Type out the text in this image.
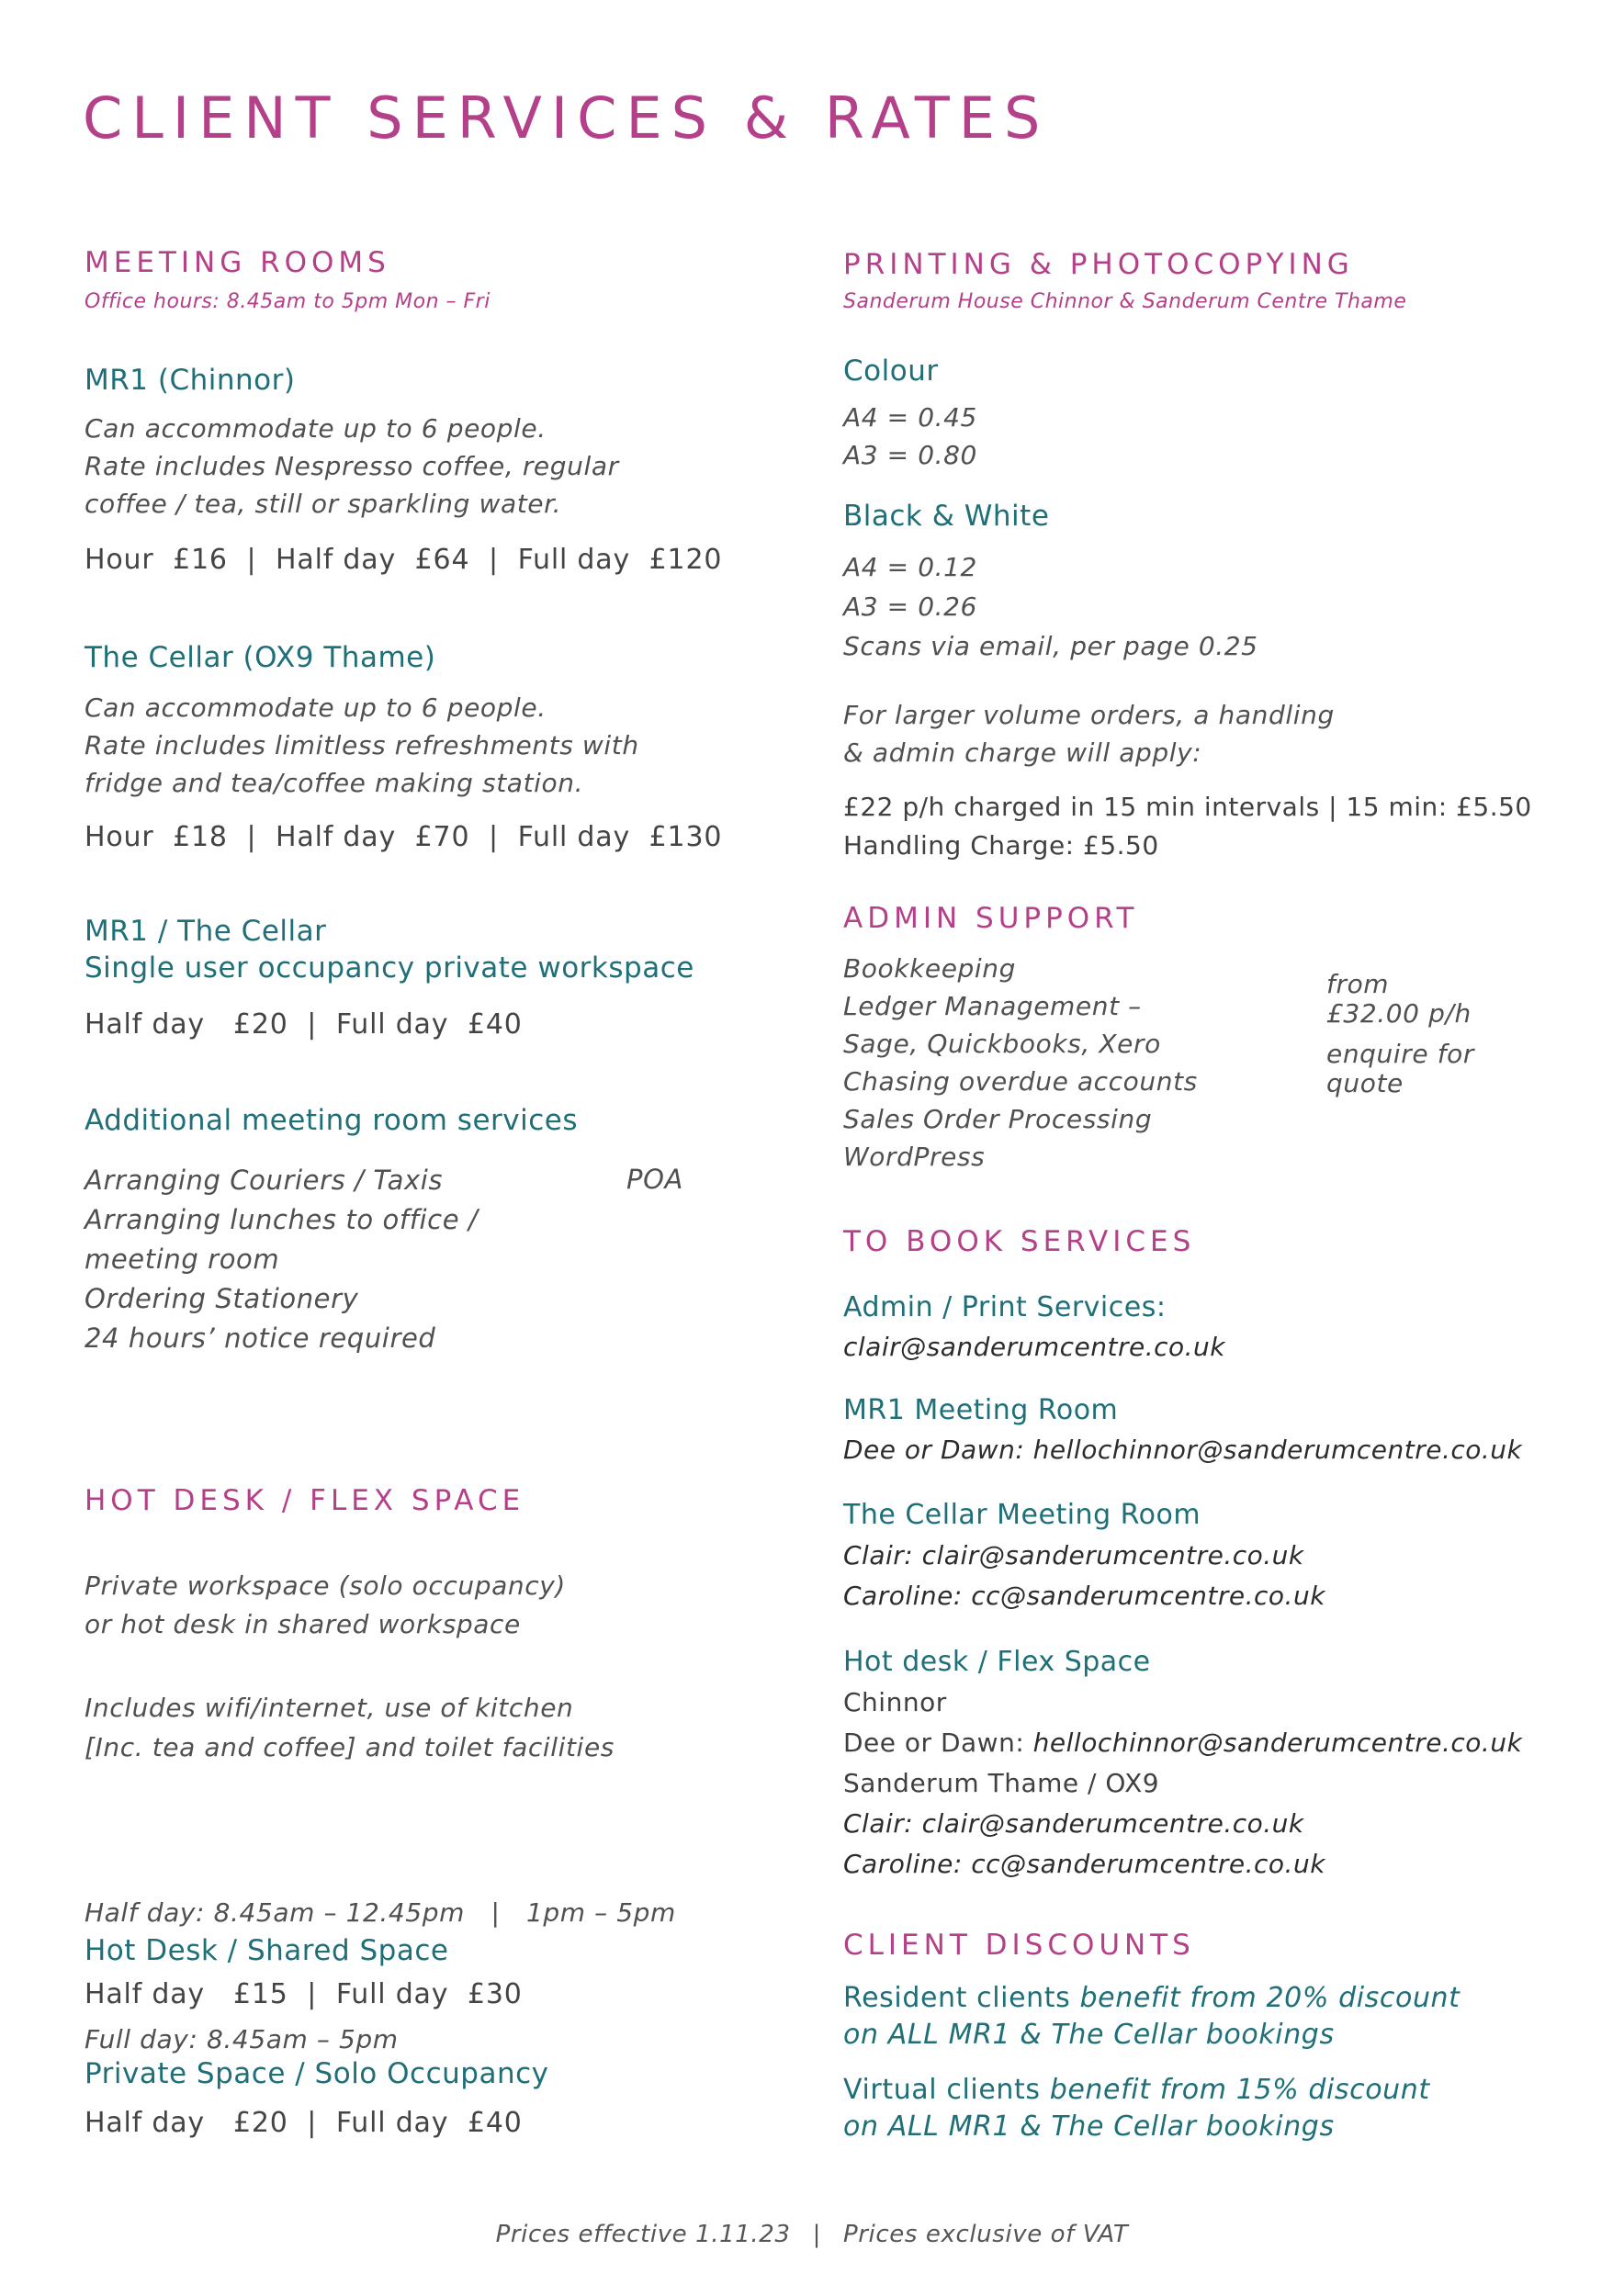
CLIENT SERVICES & RATES
MEETING ROOMS
Office hours: 8.45am to 5pm Mon – Fri
MR1 (Chinnor)
Can accommodate up to 6 people.
Rate includes Nespresso coffee, regular
coffee / tea, still or sparkling water.
Hour  £16  |  Half day  £64  |  Full day  £120
The Cellar (OX9 Thame)
Can accommodate up to 6 people.
Rate includes limitless refreshments with
fridge and tea/coffee making station.
Hour  £18  |  Half day  £70  |  Full day  £130
MR1 / The Cellar
Single user occupancy private workspace
Half day   £20  |  Full day  £40
Additional meeting room services
Arranging Couriers / Taxis
Arranging lunches to office /
meeting room
Ordering Stationery
24 hours’ notice required
POA
HOT DESK / FLEX SPACE
Private workspace (solo occupancy)
or hot desk in shared workspace
Includes wifi/internet, use of kitchen
[Inc. tea and coffee] and toilet facilities

Half day: 8.45am – 12.45pm   |   1pm – 5pm

Full day: 8.45am – 5pm

Hot Desk / Shared Space
Half day   £15  |  Full day  £30
Private Space / Solo Occupancy
Half day   £20  |  Full day  £40
PRINTING & PHOTOCOPYING
Sanderum House Chinnor & Sanderum Centre Thame
Colour
A4 = 0.45
A3 = 0.80
Black & White
A4 = 0.12
A3 = 0.26
Scans via email, per page 0.25
For larger volume orders, a handling
& admin charge will apply:
£22 p/h charged in 15 min intervals | 15 min: £5.50
Handling Charge: £5.50
ADMIN SUPPORT
Bookkeeping
Ledger Management –
Sage, Quickbooks, Xero
Chasing overdue accounts
Sales Order Processing
WordPress
from
£32.00 p/h
enquire for
quote
TO BOOK SERVICES
Admin / Print Services:
clair@sanderumcentre.co.uk
MR1 Meeting Room
Dee or Dawn: hellochinnor@sanderumcentre.co.uk
The Cellar Meeting Room
Clair: clair@sanderumcentre.co.uk
Caroline: cc@sanderumcentre.co.uk
Hot desk / Flex Space
Chinnor
Dee or Dawn: hellochinnor@sanderumcentre.co.uk
Sanderum Thame / OX9
Clair: clair@sanderumcentre.co.uk
Caroline: cc@sanderumcentre.co.uk
CLIENT DISCOUNTS
Resident clients benefit from 20% discount
on ALL MR1 & The Cellar bookings
Virtual clients benefit from 15% discount
on ALL MR1 & The Cellar bookings
Prices effective 1.11.23 | Prices exclusive of VAT
